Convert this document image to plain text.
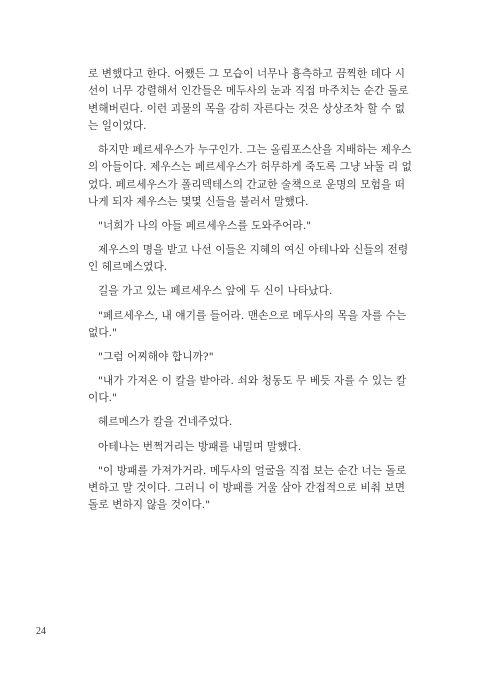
로 변했다고 한다. 어쨌든 그 모습이 너무나 흉측하고 끔찍한 데다 시
선이 너무 강렬해서 인간들은 메두사의 눈과 직접 마주치는 순간 돌로
변해버린다. 이런 괴물의 목을 감히 자른다는 것은 상상조차 할 수 없
는 일이었다.
하지만 페르세우스가 누구인가. 그는 올림포스산을 지배하는 제우스
의 아들이다. 제우스는 페르세우스가 허무하게 죽도록 그냥 놔둘 리 없
었다. 페르세우스가 폴리덱테스의 간교한 술책으로 운명의 모험을 떠
나게 되자 제우스는 몇몇 신들을 불러서 말했다.
"너희가 나의 아들 페르세우스를 도와주어라."
제우스의 명을 받고 나선 이들은 지혜의 여신 아테나와 신들의 전령
인 헤르메스였다.
길을 가고 있는 페르세우스 앞에 두 신이 나타났다.
"페르세우스, 내 얘기를 들어라. 맨손으로 메두사의 목을 자를 수는
없다."
"그럼 어찌해야 합니까?"
"내가 가져온 이 칼을 받아라. 쇠와 청동도 무 베듯 자를 수 있는 칼
이다."
헤르메스가 칼을 건네주었다.
아테나는 번쩍거리는 방패를 내밀며 말했다.
"이 방패를 가져가거라. 메두사의 얼굴을 직접 보는 순간 너는 돌로
변하고 말 것이다. 그러니 이 방패를 거울 삼아 간접적으로 비춰 보면
돌로 변하지 않을 것이다."
24
